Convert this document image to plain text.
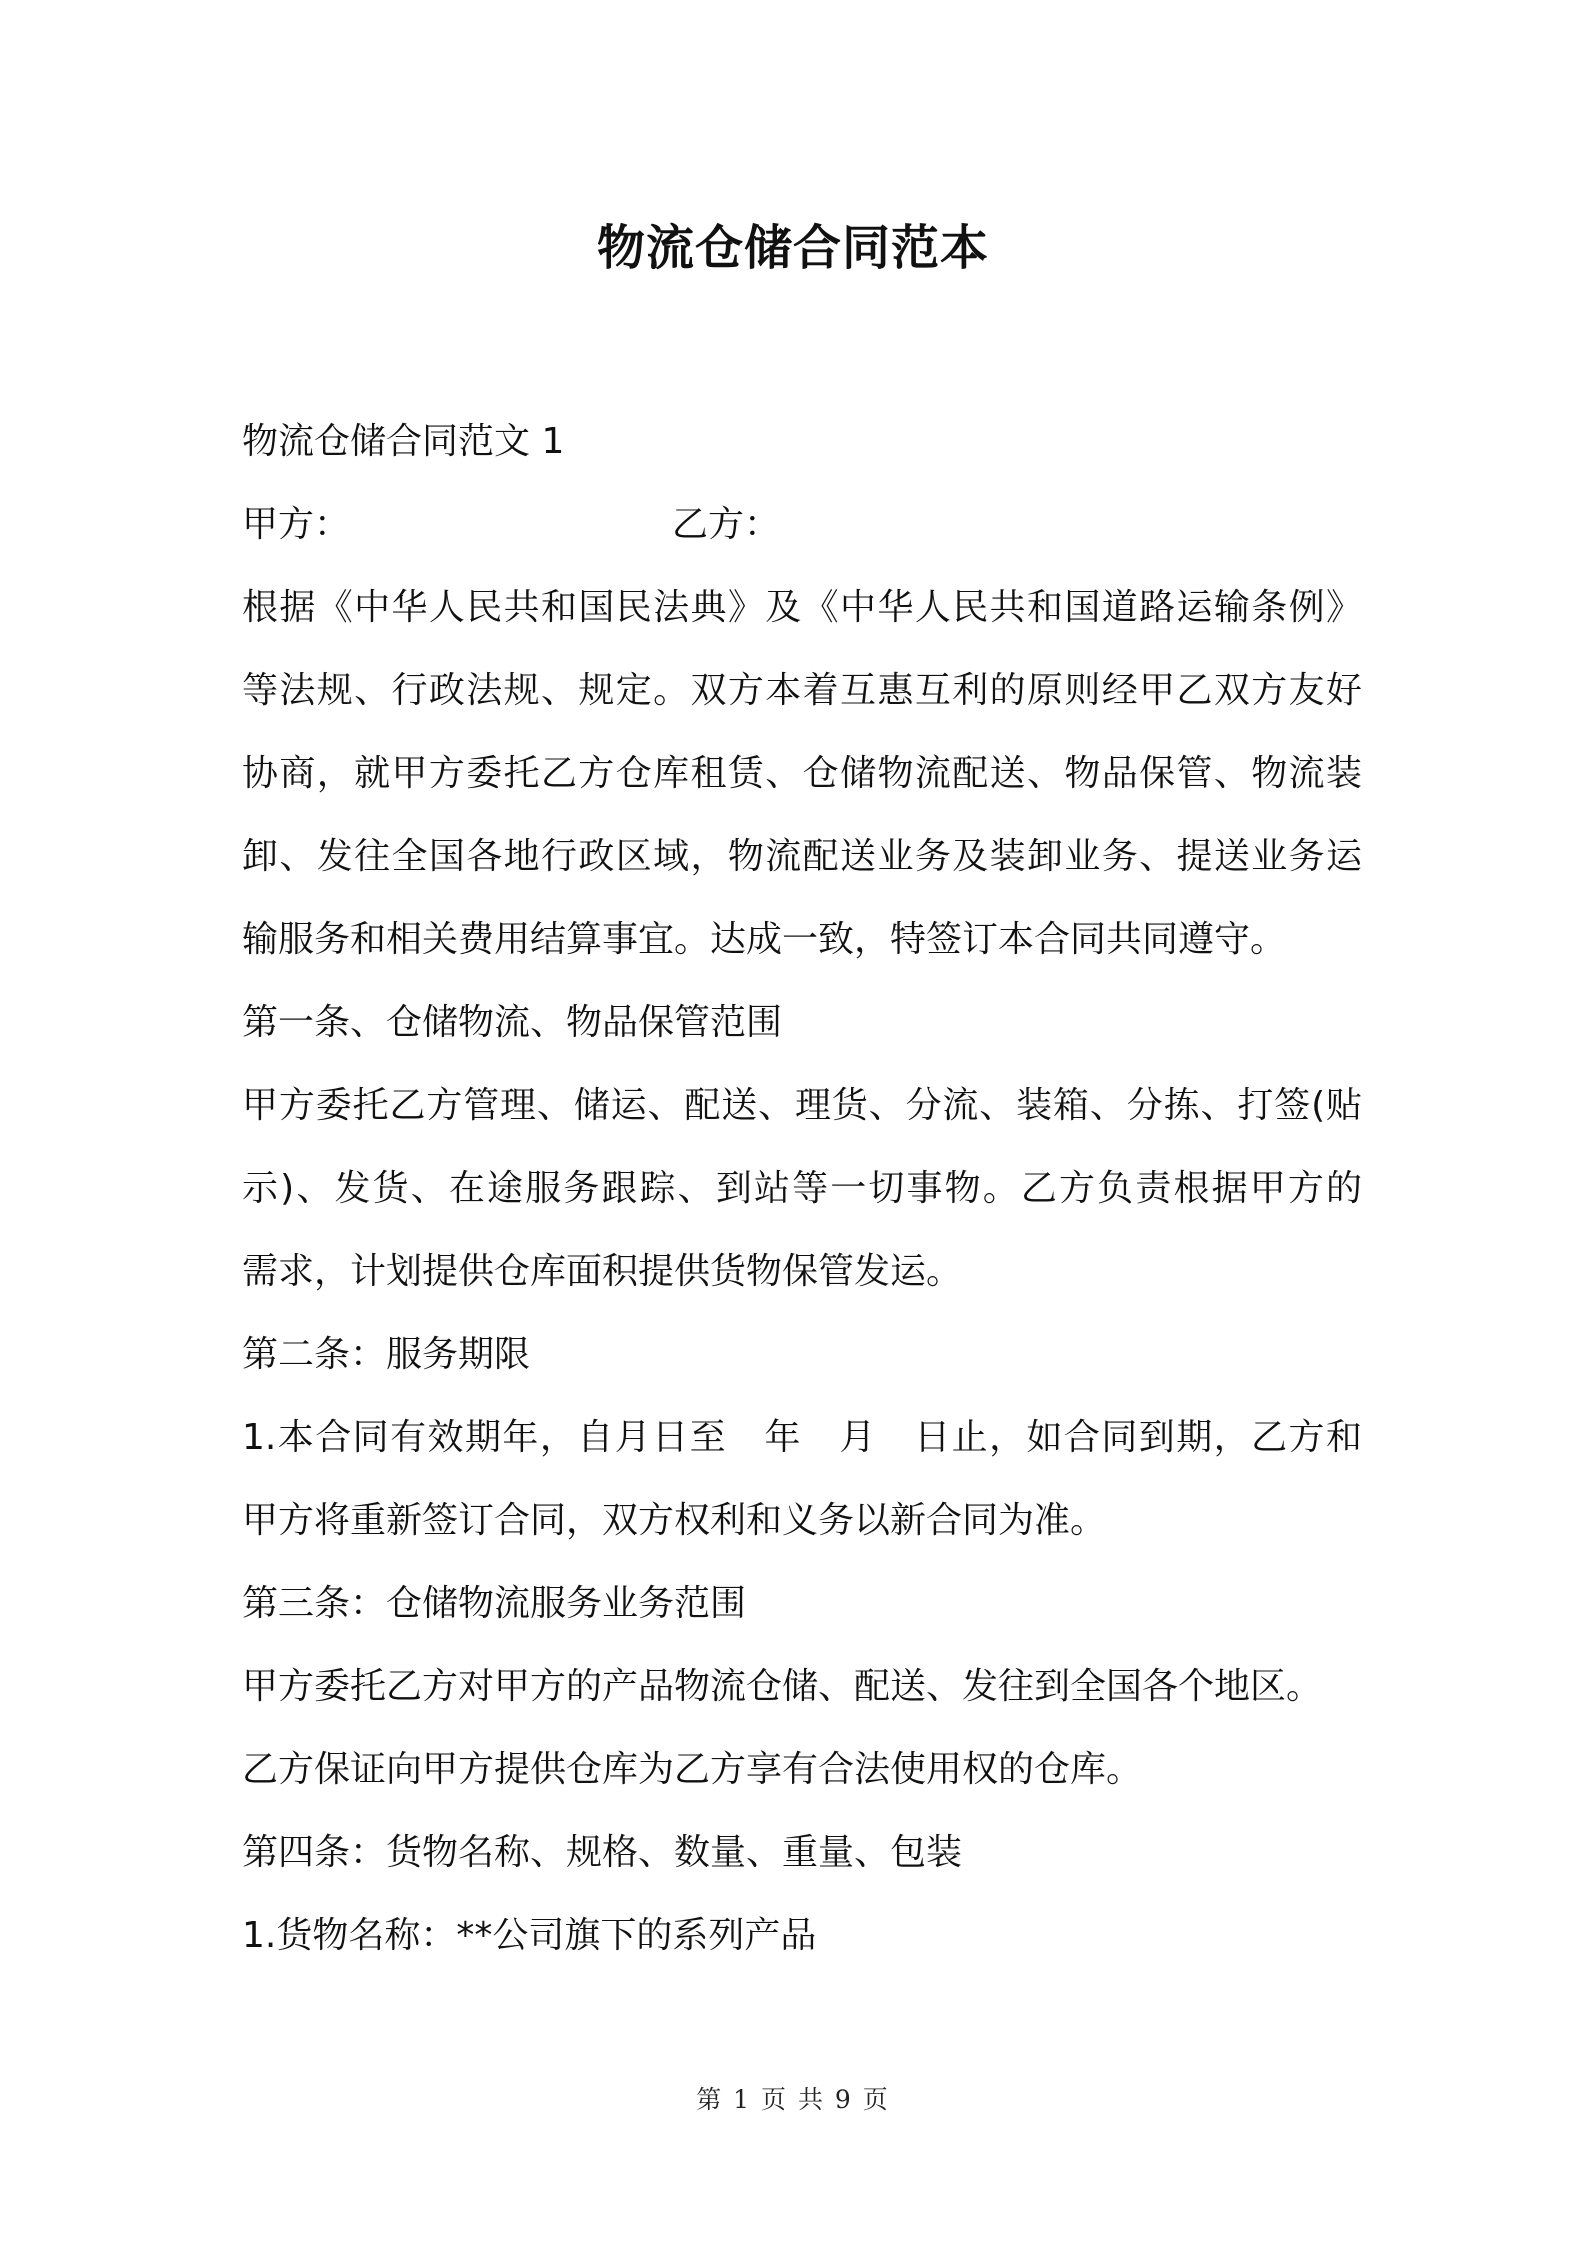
物流仓储合同范本
物流仓储合同范文 1
甲方：	乙方：
根据《中华人民共和国民法典》及《中华人民共和国道路运输条例》
等法规、行政法规、规定。双方本着互惠互利的原则经甲乙双方友好
协商，就甲方委托乙方仓库租赁、仓储物流配送、物品保管、物流装
卸、发往全国各地行政区域，物流配送业务及装卸业务、提送业务运
输服务和相关费用结算事宜。达成一致，特签订本合同共同遵守。
第一条、仓储物流、物品保管范围
甲方委托乙方管理、储运、配送、理货、分流、装箱、分拣、打签(贴
示)、发货、在途服务跟踪、到站等一切事物。乙方负责根据甲方的
需求，计划提供仓库面积提供货物保管发运。
第二条：服务期限
1.本合同有效期年，自月日至　年　月　日止，如合同到期，乙方和
甲方将重新签订合同，双方权利和义务以新合同为准。
第三条：仓储物流服务业务范围
甲方委托乙方对甲方的产品物流仓储、配送、发往到全国各个地区。
乙方保证向甲方提供仓库为乙方享有合法使用权的仓库。
第四条：货物名称、规格、数量、重量、包装
1.货物名称：**公司旗下的系列产品
第 1 页 共 9 页
